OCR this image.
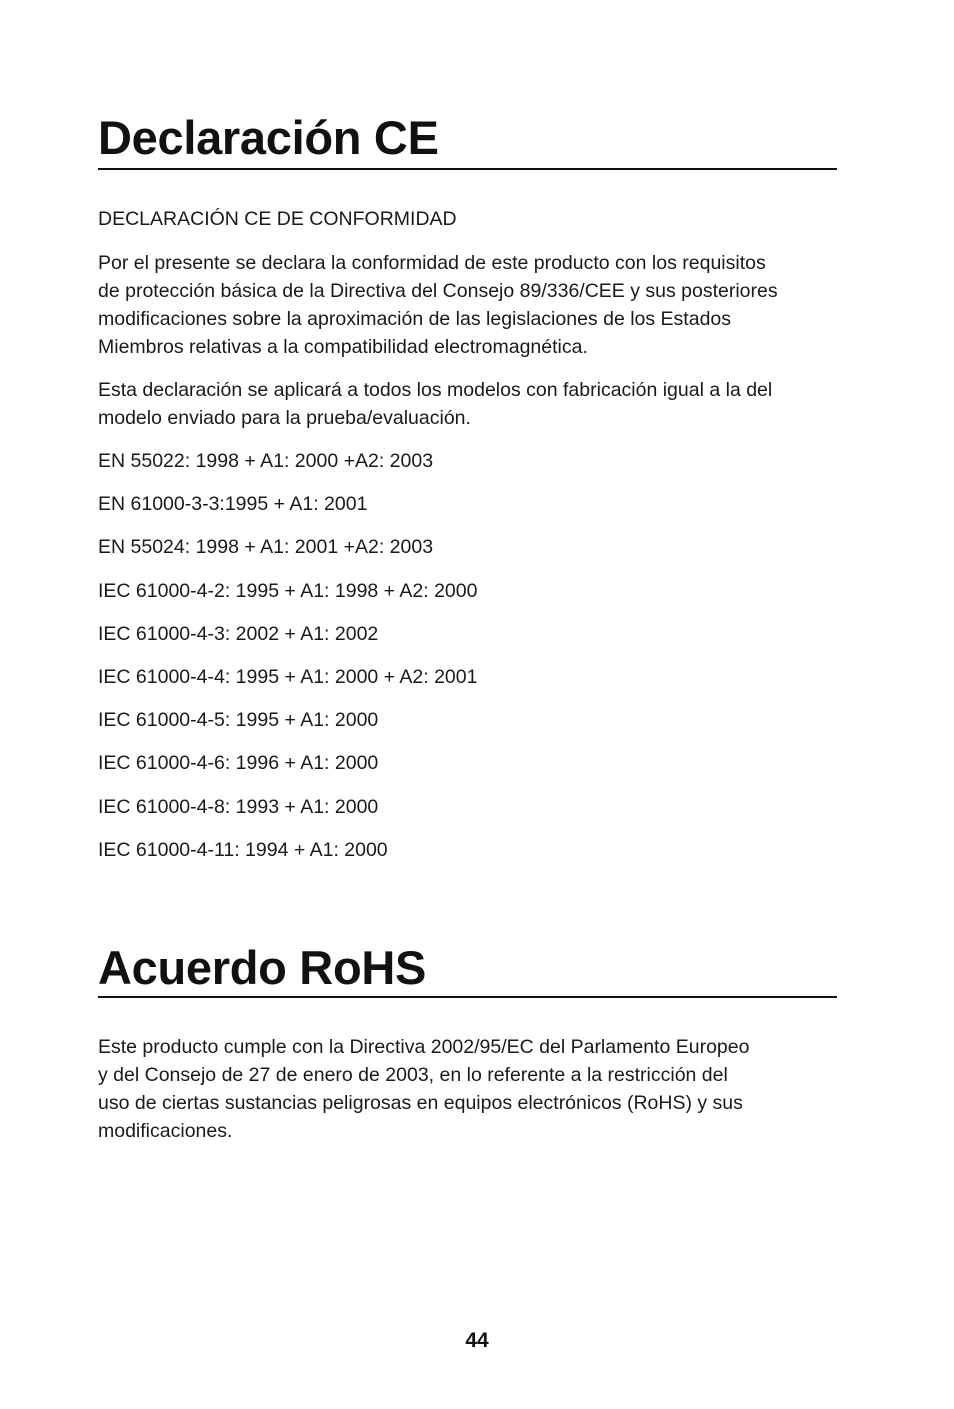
Declaración CE

DECLARACIÓN CE DE CONFORMIDAD

Por el presente se declara la conformidad de este producto con los requisitos
de protección básica de la Directiva del Consejo 89/336/CEE y sus posteriores
modificaciones sobre la aproximación de las legislaciones de los Estados
Miembros relativas a la compatibilidad electromagnética.
Esta declaración se aplicará a todos los modelos con fabricación igual a la del
modelo enviado para la prueba/evaluación.
EN 55022: 1998 + A1: 2000 +A2: 2003
EN 61000-3-3:1995 + A1: 2001
EN 55024: 1998 + A1: 2001 +A2: 2003
IEC 61000-4-2: 1995 + A1: 1998 + A2: 2000
IEC 61000-4-3: 2002 + A1: 2002
IEC 61000-4-4: 1995 + A1: 2000 + A2: 2001
IEC 61000-4-5: 1995 + A1: 2000
IEC 61000-4-6: 1996 + A1: 2000
IEC 61000-4-8: 1993 + A1: 2000
IEC 61000-4-11: 1994 + A1: 2000
Acuerdo RoHS
Este producto cumple con la Directiva 2002/95/EC del Parlamento Europeo
y del Consejo de 27 de enero de 2003, en lo referente a la restricción del
uso de ciertas sustancias peligrosas en equipos electrónicos (RoHS) y sus
modificaciones.
44
